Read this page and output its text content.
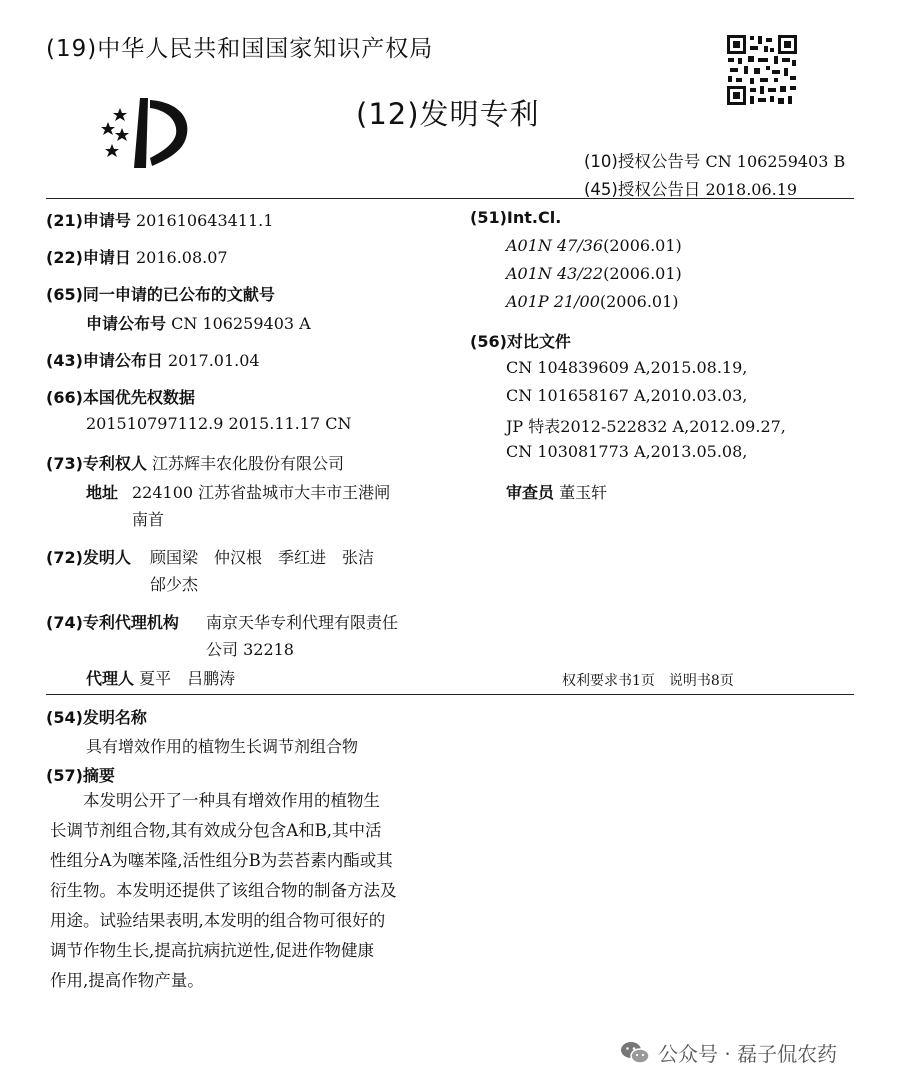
(19)中华人民共和国国家知识产权局
(12)发明专利
(10)授权公告号 CN 106259403 B
(45)授权公告日 2018.06.19
(21)申请号 201610643411.1
(22)申请日 2016.08.07
(65)同一申请的已公布的文献号
申请公布号 CN 106259403 A
(43)申请公布日 2017.01.04
(66)本国优先权数据
201510797112.9 2015.11.17 CN
(73)专利权人 江苏辉丰农化股份有限公司
地址 224100 江苏省盐城市大丰市王港闸
南首
(72)发明人 顾国梁　仲汉根　季红进　张洁
邰少杰
(74)专利代理机构 南京天华专利代理有限责任
公司 32218
代理人 夏平　吕鹏涛
(51)Int.Cl.
A01N 47/36(2006.01)
A01N 43/22(2006.01)
A01P 21/00(2006.01)
(56)对比文件
CN 104839609 A,2015.08.19,
CN 101658167 A,2010.03.03,
JP 特表2012-522832 A,2012.09.27,
CN 103081773 A,2013.05.08,
审查员 董玉轩
权利要求书1页　说明书8页
(54)发明名称
具有增效作用的植物生长调节剂组合物
(57)摘要
　　本发明公开了一种具有增效作用的植物生
长调节剂组合物,其有效成分包含A和B,其中活
性组分A为噻苯隆,活性组分B为芸苔素内酯或其
衍生物。本发明还提供了该组合物的制备方法及
用途。试验结果表明,本发明的组合物可很好的
调节作物生长,提高抗病抗逆性,促进作物健康
作用,提高作物产量。
公众号 · 磊子侃农药
